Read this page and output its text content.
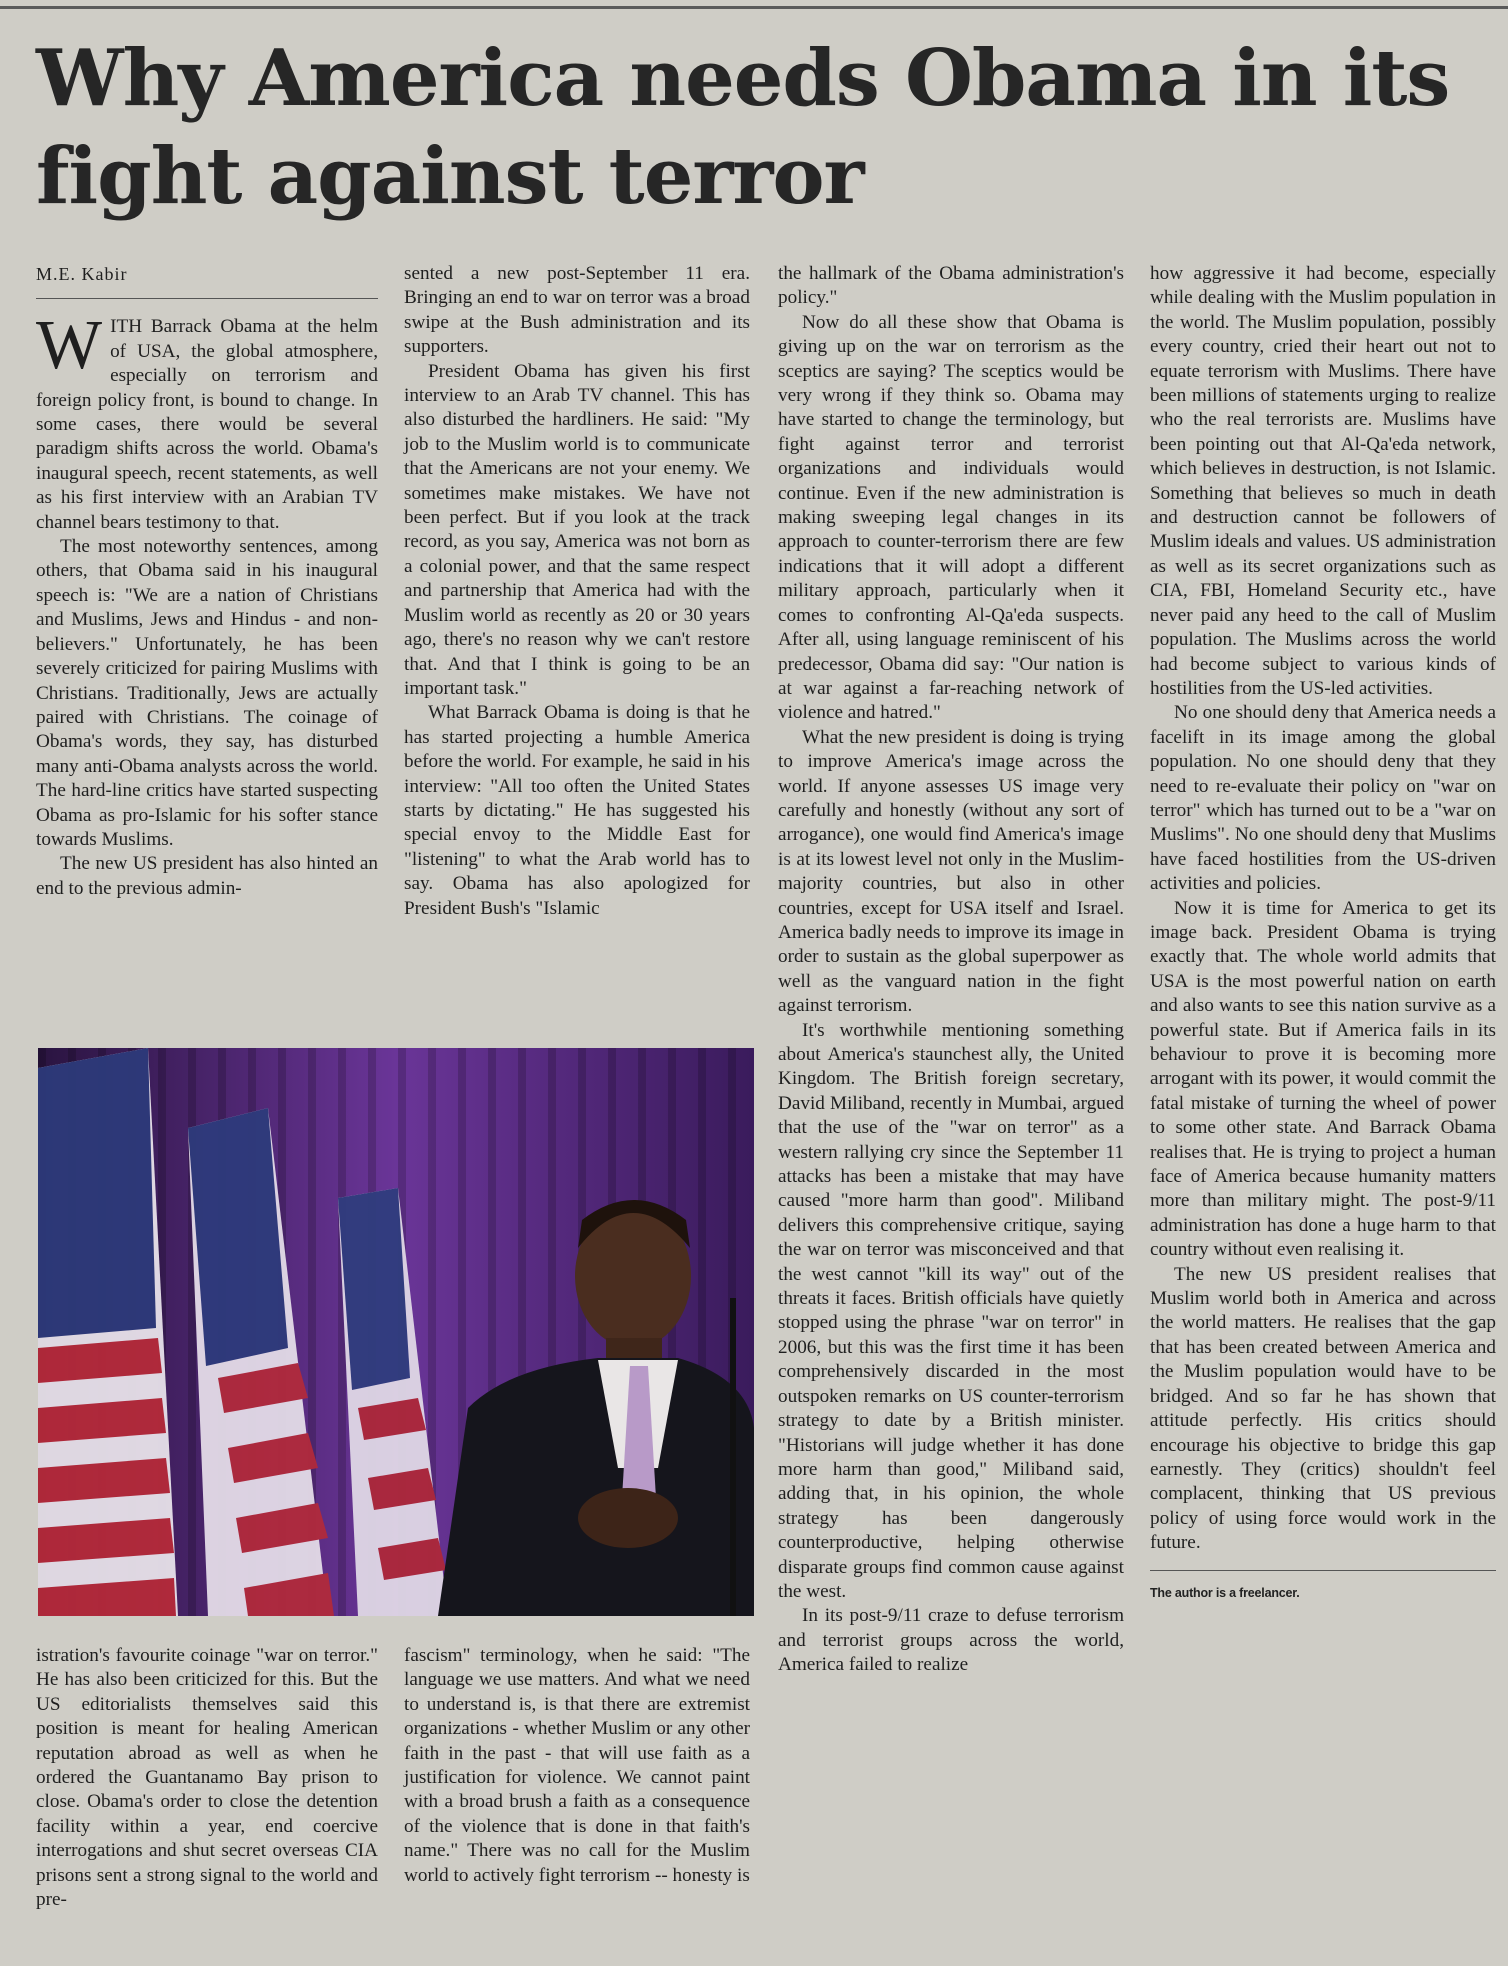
Why America needs Obama in its fight against terror
M.E. Kabir

WITH Barrack Obama at the helm of USA, the global atmosphere, especially on terrorism and foreign policy front, is bound to change. In some cases, there would be several paradigm shifts across the world. Obama's inaugural speech, recent statements, as well as his first interview with an Arabian TV channel bears testimony to that.

The most noteworthy sentences, among others, that Obama said in his inaugural speech is: "We are a nation of Christians and Muslims, Jews and Hindus - and non-believers." Unfortunately, he has been severely criticized for pairing Muslims with Christians. Traditionally, Jews are actually paired with Christians. The coinage of Obama's words, they say, has disturbed many anti-Obama analysts across the world. The hard-line critics have started suspecting Obama as pro-Islamic for his softer stance towards Muslims.

The new US president has also hinted an end to the previous admin-

sented a new post-September 11 era. Bringing an end to war on terror was a broad swipe at the Bush administration and its supporters.

President Obama has given his first interview to an Arab TV channel. This has also disturbed the hardliners. He said: "My job to the Muslim world is to communicate that the Americans are not your enemy. We sometimes make mistakes. We have not been perfect. But if you look at the track record, as you say, America was not born as a colonial power, and that the same respect and partnership that America had with the Muslim world as recently as 20 or 30 years ago, there's no reason why we can't restore that. And that I think is going to be an important task."

What Barrack Obama is doing is that he has started projecting a humble America before the world. For example, he said in his interview: "All too often the United States starts by dictating." He has suggested his special envoy to the Middle East for "listening" to what the Arab world has to say. Obama has also apologized for President Bush's "Islamic

istration's favourite coinage "war on terror." He has also been criticized for this. But the US editorialists themselves said this position is meant for healing American reputation abroad as well as when he ordered the Guantanamo Bay prison to close. Obama's order to close the detention facility within a year, end coercive interrogations and shut secret overseas CIA prisons sent a strong signal to the world and pre-

fascism" terminology, when he said: "The language we use matters. And what we need to understand is, is that there are extremist organizations - whether Muslim or any other faith in the past - that will use faith as a justification for violence. We cannot paint with a broad brush a faith as a consequence of the violence that is done in that faith's name." There was no call for the Muslim world to actively fight terrorism -- honesty is

the hallmark of the Obama administration's policy."

Now do all these show that Obama is giving up on the war on terrorism as the sceptics are saying? The sceptics would be very wrong if they think so. Obama may have started to change the terminology, but fight against terror and terrorist organizations and individuals would continue. Even if the new administration is making sweeping legal changes in its approach to counter-terrorism there are few indications that it will adopt a different military approach, particularly when it comes to confronting Al-Qa'eda suspects. After all, using language reminiscent of his predecessor, Obama did say: "Our nation is at war against a far-reaching network of violence and hatred."

What the new president is doing is trying to improve America's image across the world. If anyone assesses US image very carefully and honestly (without any sort of arrogance), one would find America's image is at its lowest level not only in the Muslim-majority countries, but also in other countries, except for USA itself and Israel. America badly needs to improve its image in order to sustain as the global superpower as well as the vanguard nation in the fight against terrorism.

It's worthwhile mentioning something about America's staunchest ally, the United Kingdom. The British foreign secretary, David Miliband, recently in Mumbai, argued that the use of the "war on terror" as a western rallying cry since the September 11 attacks has been a mistake that may have caused "more harm than good". Miliband delivers this comprehensive critique, saying the war on terror was misconceived and that the west cannot "kill its way" out of the threats it faces. British officials have quietly stopped using the phrase "war on terror" in 2006, but this was the first time it has been comprehensively discarded in the most outspoken remarks on US counter-terrorism strategy to date by a British minister. "Historians will judge whether it has done more harm than good," Miliband said, adding that, in his opinion, the whole strategy has been dangerously counterproductive, helping otherwise disparate groups find common cause against the west.

In its post-9/11 craze to defuse terrorism and terrorist groups across the world, America failed to realize

how aggressive it had become, especially while dealing with the Muslim population in the world. The Muslim population, possibly every country, cried their heart out not to equate terrorism with Muslims. There have been millions of statements urging to realize who the real terrorists are. Muslims have been pointing out that Al-Qa'eda network, which believes in destruction, is not Islamic. Something that believes so much in death and destruction cannot be followers of Muslim ideals and values. US administration as well as its secret organizations such as CIA, FBI, Homeland Security etc., have never paid any heed to the call of Muslim population. The Muslims across the world had become subject to various kinds of hostilities from the US-led activities.

No one should deny that America needs a facelift in its image among the global population. No one should deny that they need to re-evaluate their policy on "war on terror" which has turned out to be a "war on Muslims". No one should deny that Muslims have faced hostilities from the US-driven activities and policies.

Now it is time for America to get its image back. President Obama is trying exactly that. The whole world admits that USA is the most powerful nation on earth and also wants to see this nation survive as a powerful state. But if America fails in its behaviour to prove it is becoming more arrogant with its power, it would commit the fatal mistake of turning the wheel of power to some other state. And Barrack Obama realises that. He is trying to project a human face of America because humanity matters more than military might. The post-9/11 administration has done a huge harm to that country without even realising it.

The new US president realises that Muslim world both in America and across the world matters. He realises that the gap that has been created between America and the Muslim population would have to be bridged. And so far he has shown that attitude perfectly. His critics should encourage his objective to bridge this gap earnestly. They (critics) shouldn't feel complacent, thinking that US previous policy of using force would work in the future.

The author is a freelancer.
